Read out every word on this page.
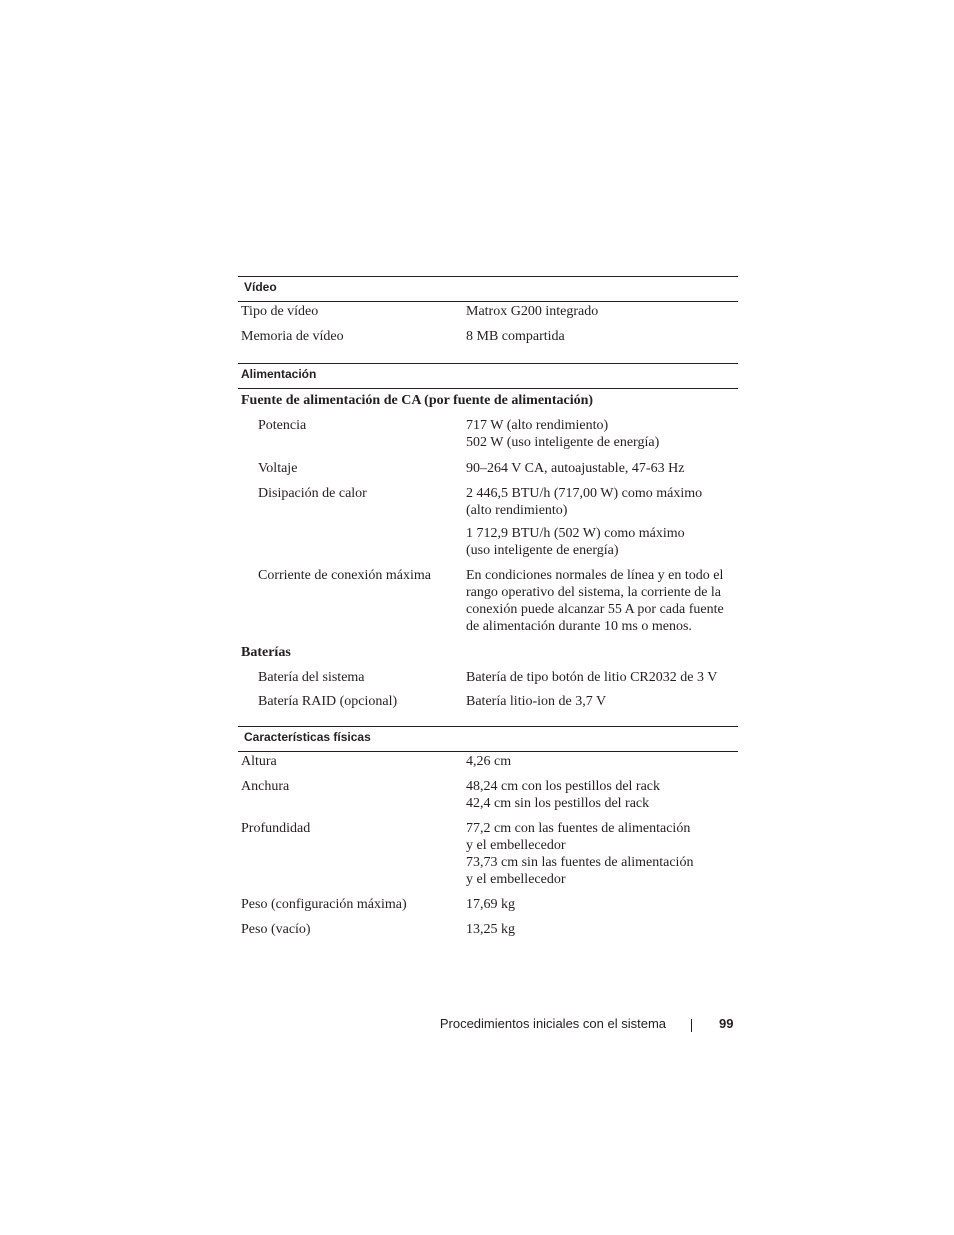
Vídeo
Tipo de vídeo	Matrox G200 integrado
Memoria de vídeo	8 MB compartida
Alimentación
Fuente de alimentación de CA (por fuente de alimentación)
Potencia	717 W (alto rendimiento)
502 W (uso inteligente de energía)
Voltaje	90–264 V CA, autoajustable, 47-63 Hz
Disipación de calor	2 446,5 BTU/h (717,00 W) como máximo
(alto rendimiento)
1 712,9 BTU/h (502 W) como máximo
(uso inteligente de energía)
Corriente de conexión máxima	En condiciones normales de línea y en todo el
rango operativo del sistema, la corriente de la
conexión puede alcanzar 55 A por cada fuente
de alimentación durante 10 ms o menos.
Baterías
Batería del sistema	Batería de tipo botón de litio CR2032 de 3 V
Batería RAID (opcional)	Batería litio-ion de 3,7 V
Características físicas
Altura	4,26 cm
Anchura	48,24 cm con los pestillos del rack
42,4 cm sin los pestillos del rack
Profundidad	77,2 cm con las fuentes de alimentación
y el embellecedor
73,73 cm sin las fuentes de alimentación
y el embellecedor
Peso (configuración máxima)	17,69 kg
Peso (vacío)	13,25 kg
Procedimientos iniciales con el sistema	99
